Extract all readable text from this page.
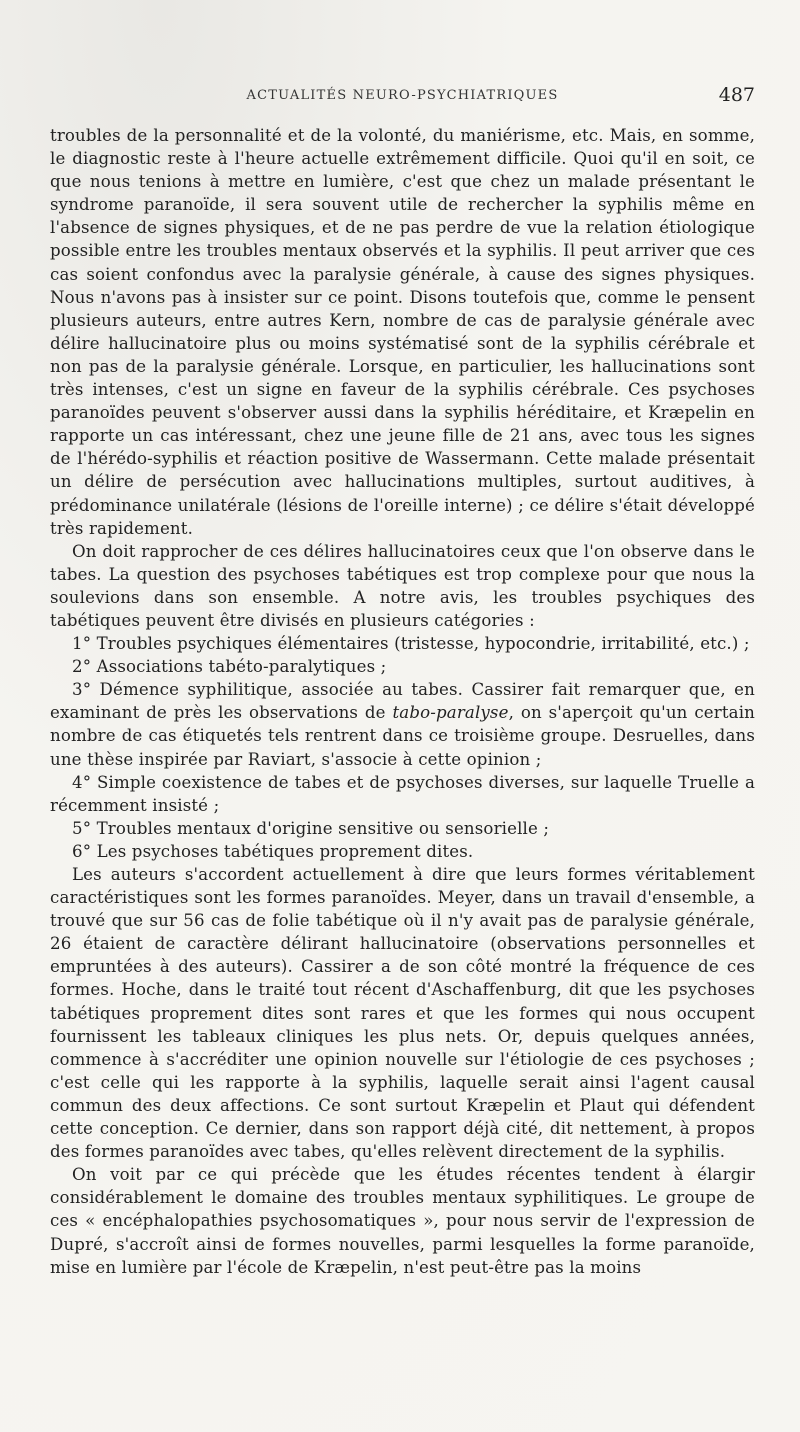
ACTUALITÉS NEURO-PSYCHIATRIQUES	487

troubles de la personnalité et de la volonté, du maniérisme, etc. Mais, en somme, le diagnostic reste à l'heure actuelle extrêmement difficile. Quoi qu'il en soit, ce que nous tenions à mettre en lumière, c'est que chez un malade présentant le syndrome paranoïde, il sera souvent utile de rechercher la syphilis même en l'absence de signes physiques, et de ne pas perdre de vue la relation étiologique possible entre les troubles mentaux observés et la syphilis. Il peut arriver que ces cas soient confondus avec la paralysie générale, à cause des signes physiques. Nous n'avons pas à insister sur ce point. Disons toutefois que, comme le pensent plusieurs auteurs, entre autres Kern, nombre de cas de paralysie générale avec délire hallucinatoire plus ou moins systématisé sont de la syphilis cérébrale et non pas de la paralysie générale. Lorsque, en particulier, les hallucinations sont très intenses, c'est un signe en faveur de la syphilis cérébrale. Ces psychoses paranoïdes peuvent s'observer aussi dans la syphilis héréditaire, et Kræpelin en rapporte un cas intéressant, chez une jeune fille de 21 ans, avec tous les signes de l'hérédo-syphilis et réaction positive de Wassermann. Cette malade présentait un délire de persécution avec hallucinations multiples, surtout auditives, à prédominance unilatérale (lésions de l'oreille interne) ; ce délire s'était développé très rapidement.

On doit rapprocher de ces délires hallucinatoires ceux que l'on observe dans le tabes. La question des psychoses tabétiques est trop complexe pour que nous la soulevions dans son ensemble. A notre avis, les troubles psychiques des tabétiques peuvent être divisés en plusieurs catégories :

1° Troubles psychiques élémentaires (tristesse, hypocondrie, irritabilité, etc.) ;

2° Associations tabéto-paralytiques ;

3° Démence syphilitique, associée au tabes. Cassirer fait remarquer que, en examinant de près les observations de tabo-paralyse, on s'aperçoit qu'un certain nombre de cas étiquetés tels rentrent dans ce troisième groupe. Desruelles, dans une thèse inspirée par Raviart, s'associe à cette opinion ;

4° Simple coexistence de tabes et de psychoses diverses, sur laquelle Truelle a récemment insisté ;

5° Troubles mentaux d'origine sensitive ou sensorielle ;

6° Les psychoses tabétiques proprement dites.

Les auteurs s'accordent actuellement à dire que leurs formes véritablement caractéristiques sont les formes paranoïdes. Meyer, dans un travail d'ensemble, a trouvé que sur 56 cas de folie tabétique où il n'y avait pas de paralysie générale, 26 étaient de caractère délirant hallucinatoire (observations personnelles et empruntées à des auteurs). Cassirer a de son côté montré la fréquence de ces formes. Hoche, dans le traité tout récent d'Aschaffenburg, dit que les psychoses tabétiques proprement dites sont rares et que les formes qui nous occupent fournissent les tableaux cliniques les plus nets. Or, depuis quelques années, commence à s'accréditer une opinion nouvelle sur l'étiologie de ces psychoses ; c'est celle qui les rapporte à la syphilis, laquelle serait ainsi l'agent causal commun des deux affections. Ce sont surtout Kræpelin et Plaut qui défendent cette conception. Ce dernier, dans son rapport déjà cité, dit nettement, à propos des formes paranoïdes avec tabes, qu'elles relèvent directement de la syphilis.

On voit par ce qui précède que les études récentes tendent à élargir considérablement le domaine des troubles mentaux syphilitiques. Le groupe de ces « encéphalopathies psychosomatiques », pour nous servir de l'expression de Dupré, s'accroît ainsi de formes nouvelles, parmi lesquelles la forme paranoïde, mise en lumière par l'école de Kræpelin, n'est peut-être pas la moins
